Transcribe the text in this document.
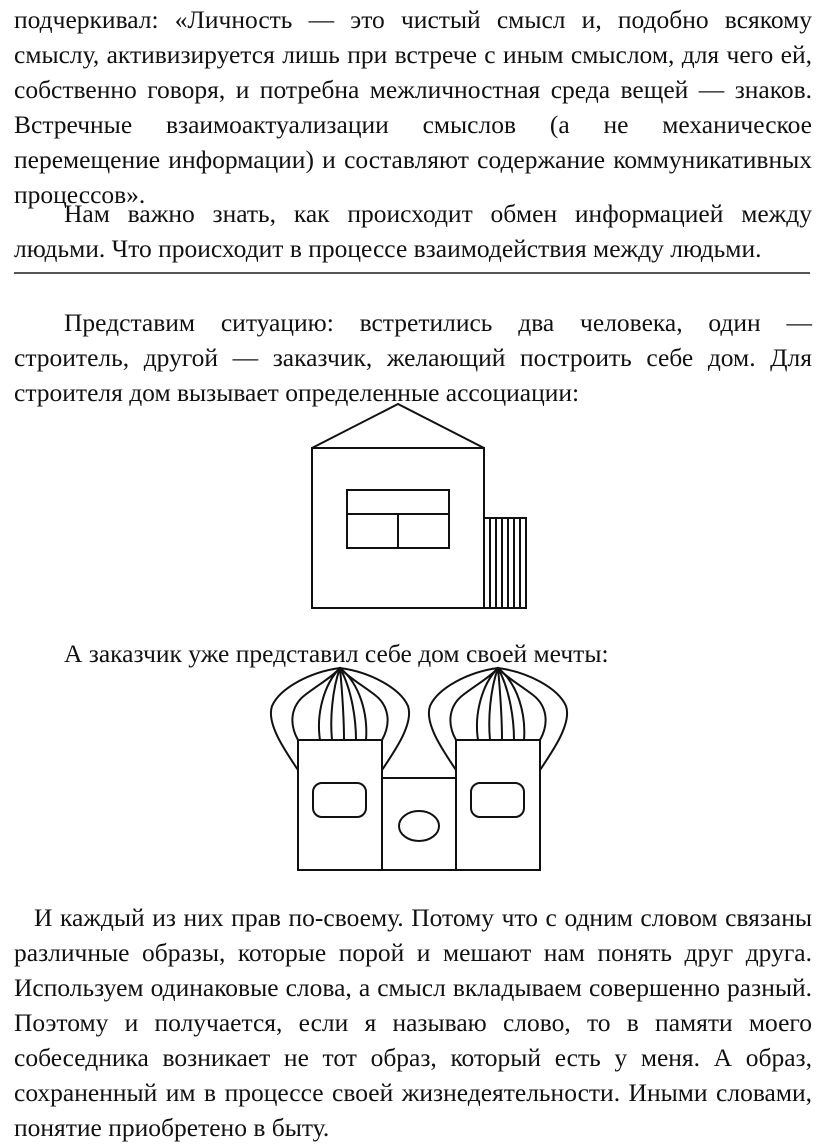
подчеркивал: «Личность — это чистый смысл и, подобно всякому смыслу, активизируется лишь при встрече с иным смыслом, для чего ей, собственно говоря, и потребна межличностная среда вещей — знаков. Встречные взаимоактуализации смыслов (а не механическое перемещение информации) и составляют содержание коммуникативных процессов».

Нам важно знать, как происходит обмен информацией между людьми. Что происходит в процессе взаимодействия между людьми.

Представим ситуацию: встретились два человека, один — строитель, другой — заказчик, желающий построить себе дом. Для строителя дом вызывает определенные ассоциации:

А заказчик уже представил себе дом своей мечты:

И каждый из них прав по-своему. Потому что с одним словом связаны различные образы, которые порой и мешают нам понять друг друга. Используем одинаковые слова, а смысл вкладываем совершенно разный. Поэтому и получается, если я называю слово, то в памяти моего собеседника возникает не тот образ, который есть у меня. А образ, сохраненный им в процессе своей жизнедеятельности. Иными словами, понятие приобретено в быту.
